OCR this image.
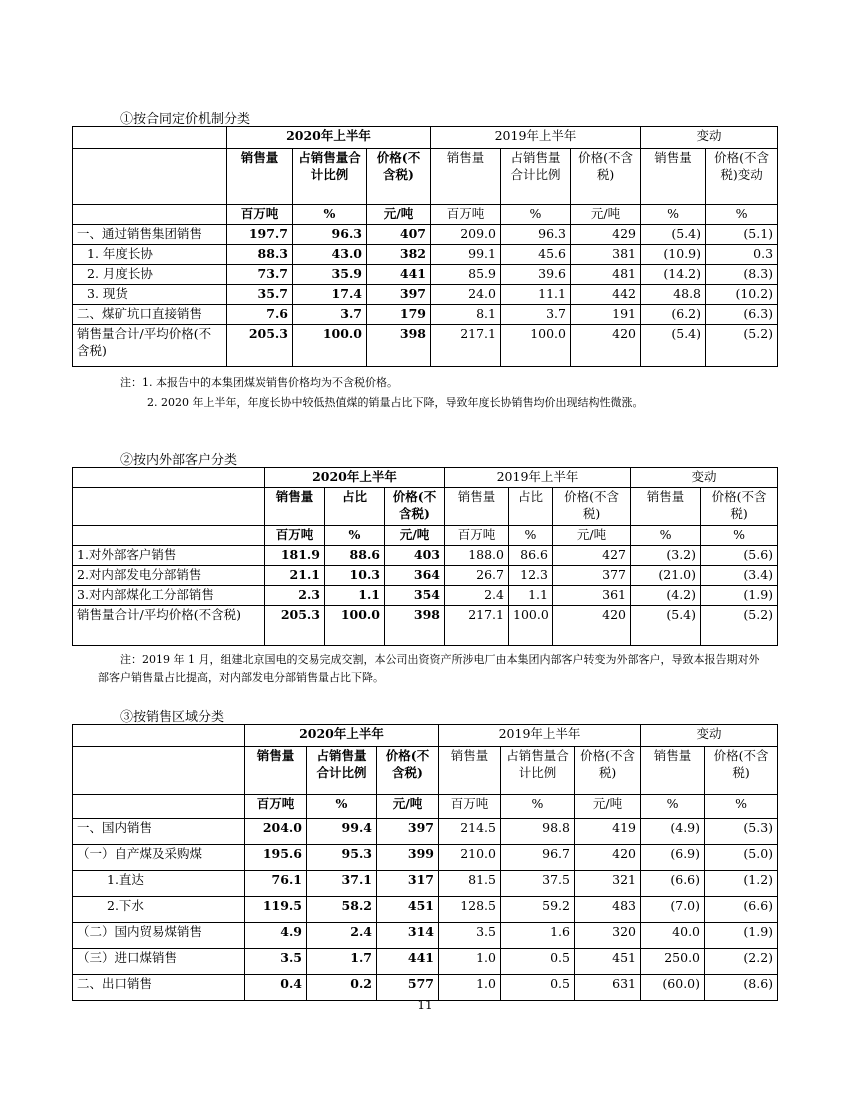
①按合同定价机制分类
	2020年上半年			2019年上半年			变动	
	销售量	占销售量合计比例	价格(不含税)	销售量	占销售量合计比例	价格(不含税)	销售量	价格(不含税)变动
	百万吨	%	元/吨	百万吨	%	元/吨	%	%
一、通过销售集团销售	197.7	96.3	407	209.0	96.3	429	(5.4)	(5.1)
1. 年度长协	88.3	43.0	382	99.1	45.6	381	(10.9)	0.3
2. 月度长协	73.7	35.9	441	85.9	39.6	481	(14.2)	(8.3)
3. 现货	35.7	17.4	397	24.0	11.1	442	48.8	(10.2)
二、煤矿坑口直接销售	7.6	3.7	179	8.1	3.7	191	(6.2)	(6.3)
销售量合计/平均价格(不含税)	205.3	100.0	398	217.1	100.0	420	(5.4)	(5.2)
注：1. 本报告中的本集团煤炭销售价格均为不含税价格。
2. 2020 年上半年，年度长协中较低热值煤的销量占比下降，导致年度长协销售均价出现结构性微涨。
②按内外部客户分类
	2020年上半年			2019年上半年			变动	
	销售量	占比	价格(不含税)	销售量	占比	价格(不含税)	销售量	价格(不含税)
	百万吨	%	元/吨	百万吨	%	元/吨	%	%
1.对外部客户销售	181.9	88.6	403	188.0	86.6	427	(3.2)	(5.6)
2.对内部发电分部销售	21.1	10.3	364	26.7	12.3	377	(21.0)	(3.4)
3.对内部煤化工分部销售	2.3	1.1	354	2.4	1.1	361	(4.2)	(1.9)
销售量合计/平均价格(不含税)	205.3	100.0	398	217.1	100.0	420	(5.4)	(5.2)
注：2019 年 1 月，组建北京国电的交易完成交割，本公司出资资产所涉电厂由本集团内部客户转变为外部客户，导致本报告期对外部客户销售量占比提高，对内部发电分部销售量占比下降。
③按销售区域分类
	2020年上半年			2019年上半年			变动	
	销售量	占销售量合计比例	价格(不含税)	销售量	占销售量合计比例	价格(不含税)	销售量	价格(不含税)
	百万吨	%	元/吨	百万吨	%	元/吨	%	%
一、国内销售	204.0	99.4	397	214.5	98.8	419	(4.9)	(5.3)
（一）自产煤及采购煤	195.6	95.3	399	210.0	96.7	420	(6.9)	(5.0)
1.直达	76.1	37.1	317	81.5	37.5	321	(6.6)	(1.2)
2.下水	119.5	58.2	451	128.5	59.2	483	(7.0)	(6.6)
（二）国内贸易煤销售	4.9	2.4	314	3.5	1.6	320	40.0	(1.9)
（三）进口煤销售	3.5	1.7	441	1.0	0.5	451	250.0	(2.2)
二、出口销售	0.4	0.2	577	1.0	0.5	631	(60.0)	(8.6)
11
